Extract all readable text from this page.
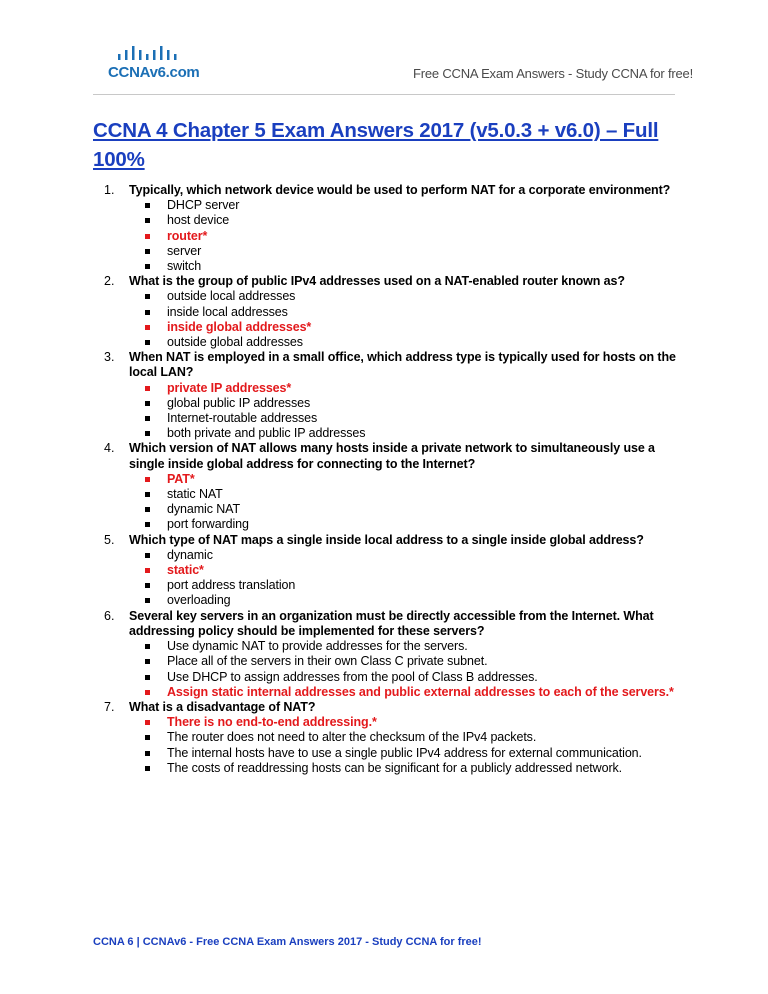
CCNAv6.com	Free CCNA Exam Answers - Study CCNA for free!
CCNA 4 Chapter 5 Exam Answers 2017 (v5.0.3 + v6.0) – Full 100%
1. Typically, which network device would be used to perform NAT for a corporate environment?
DHCP server
host device
router*
server
switch
2. What is the group of public IPv4 addresses used on a NAT-enabled router known as?
outside local addresses
inside local addresses
inside global addresses*
outside global addresses
3. When NAT is employed in a small office, which address type is typically used for hosts on the local LAN?
private IP addresses*
global public IP addresses
Internet-routable addresses
both private and public IP addresses
4. Which version of NAT allows many hosts inside a private network to simultaneously use a single inside global address for connecting to the Internet?
PAT*
static NAT
dynamic NAT
port forwarding
5. Which type of NAT maps a single inside local address to a single inside global address?
dynamic
static*
port address translation
overloading
6. Several key servers in an organization must be directly accessible from the Internet. What addressing policy should be implemented for these servers?
Use dynamic NAT to provide addresses for the servers.
Place all of the servers in their own Class C private subnet.
Use DHCP to assign addresses from the pool of Class B addresses.
Assign static internal addresses and public external addresses to each of the servers.*
7. What is a disadvantage of NAT?
There is no end-to-end addressing.*
The router does not need to alter the checksum of the IPv4 packets.
The internal hosts have to use a single public IPv4 address for external communication.
The costs of readdressing hosts can be significant for a publicly addressed network.
CCNA 6 | CCNAv6 - Free CCNA Exam Answers 2017 - Study CCNA for free!
